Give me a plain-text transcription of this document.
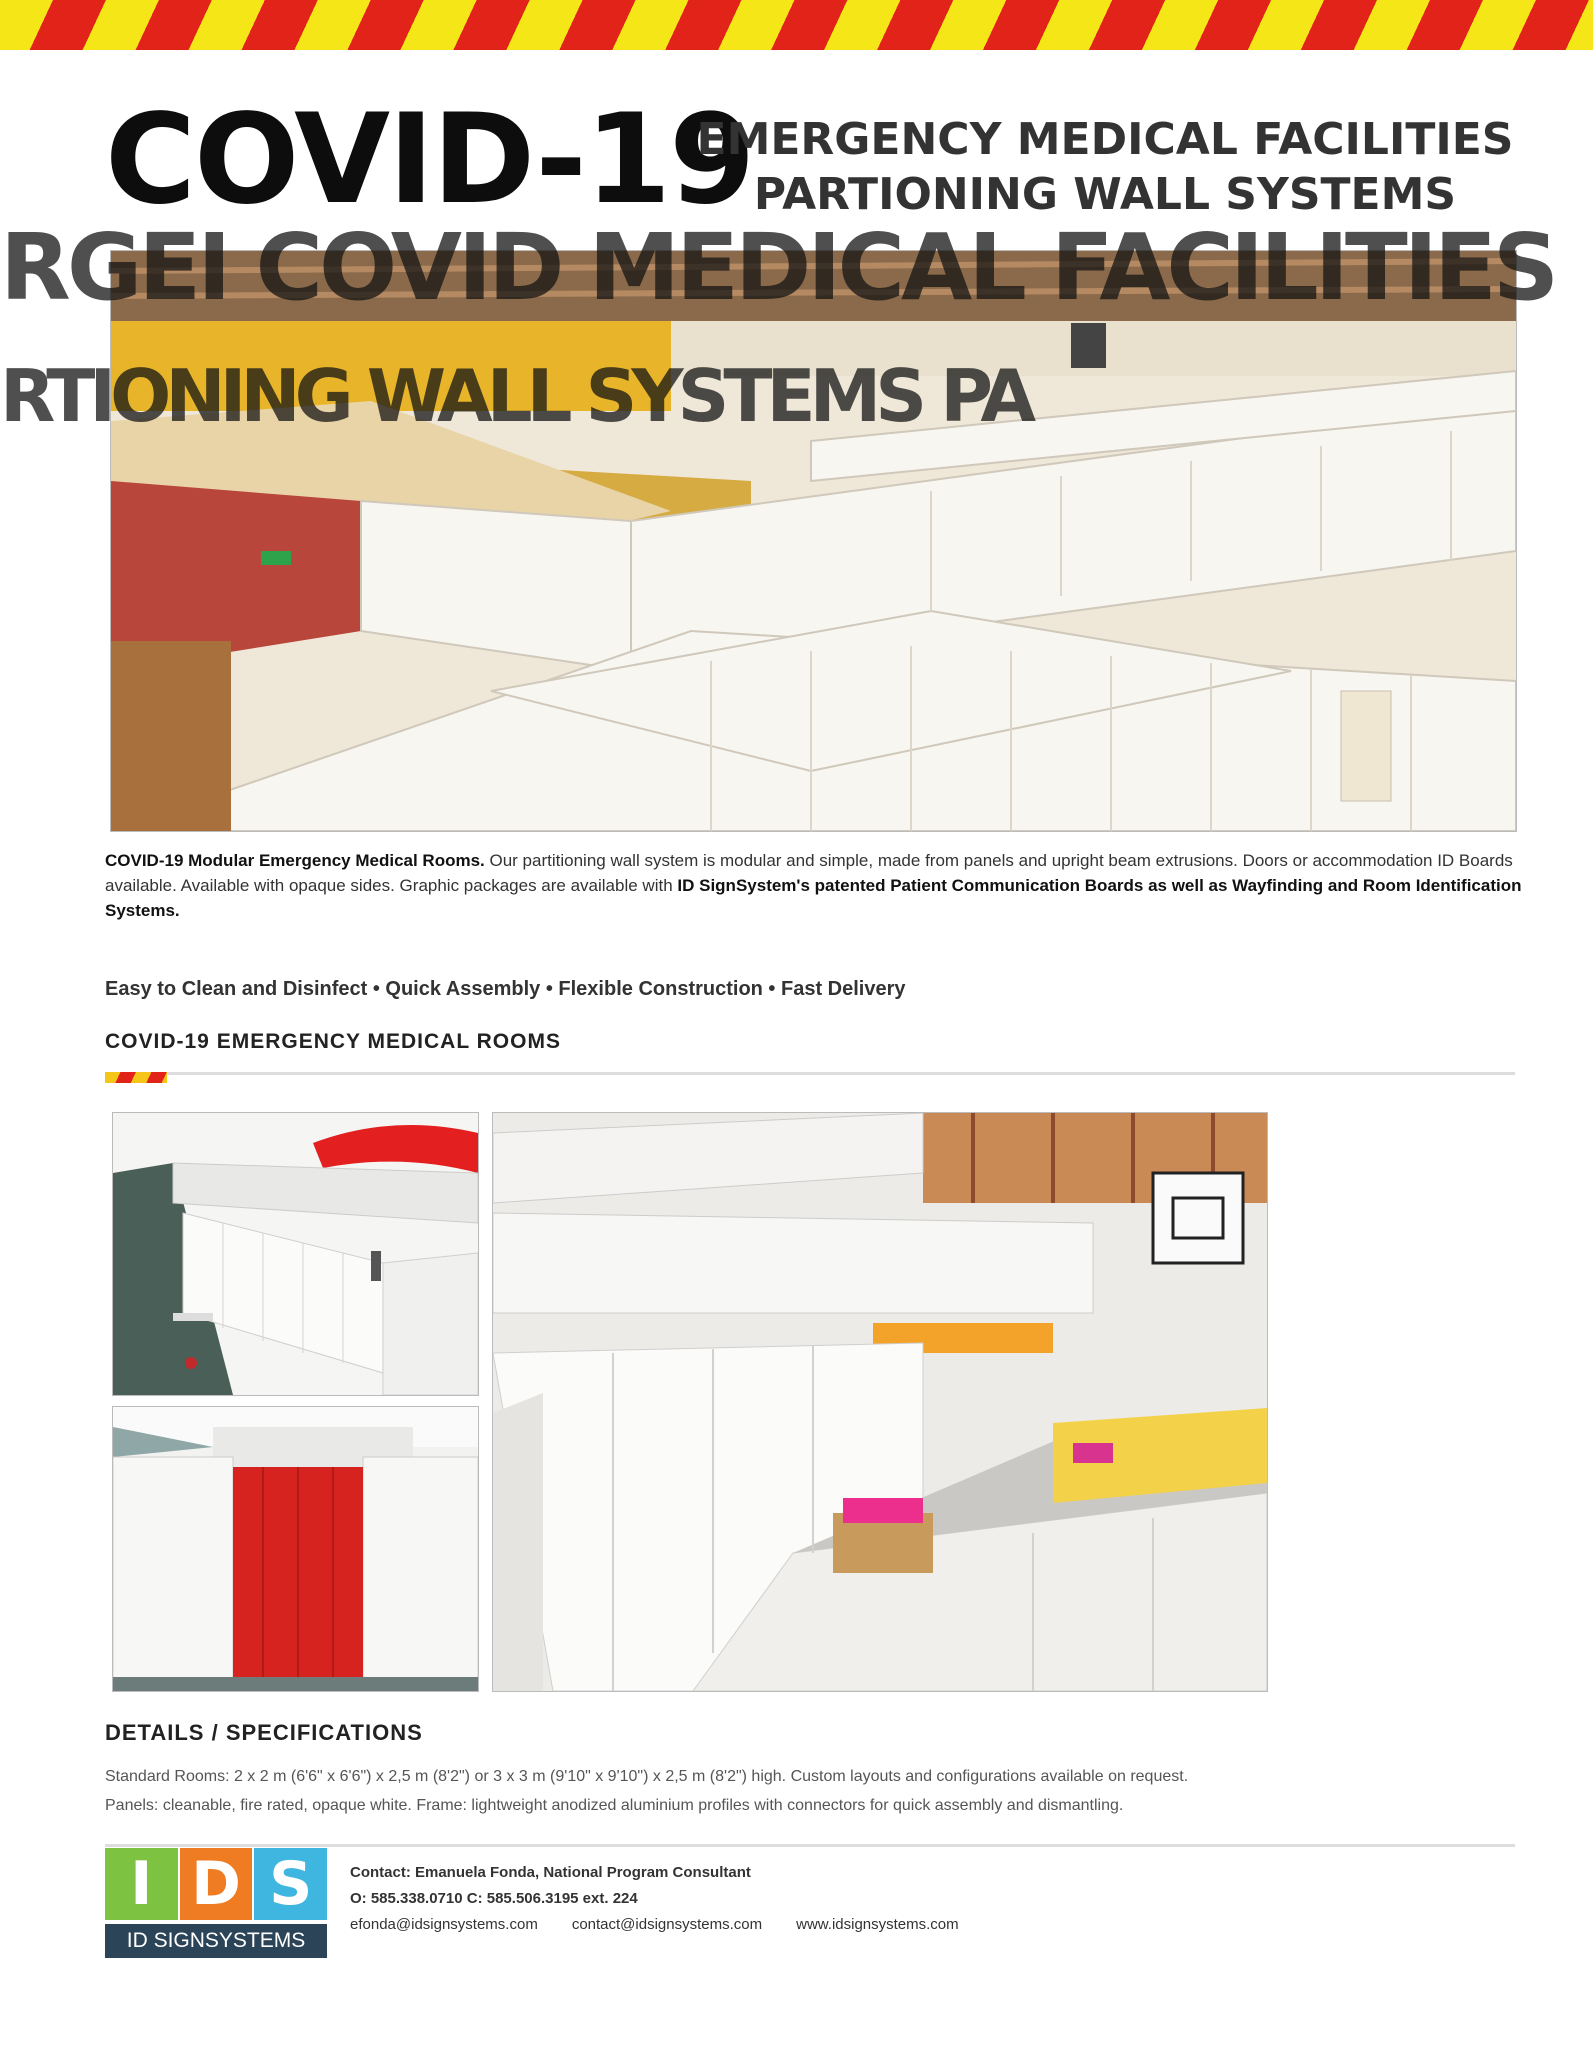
COVID-19
EMERGENCY MEDICAL FACILITIES
PARTIONING WALL SYSTEMS
RGEI COVID MEDICAL FACILITIES
RTIONING WALL SYSTEMS PA
COVID-19 Modular Emergency Medical Rooms. Our partitioning wall system is modular and simple, made from panels and upright beam extrusions. Doors or accommodation ID Boards available. Available with opaque sides. Graphic packages are available with ID SignSystem's patented Patient Communication Boards as well as Wayfinding and Room Identification Systems.
Easy to Clean and Disinfect • Quick Assembly • Flexible Construction • Fast Delivery
COVID-19 EMERGENCY MEDICAL ROOMS
DETAILS / SPECIFICATIONS
Standard Rooms: 2 x 2 m (6'6" x 6'6") x 2,5 m (8'2") or 3 x 3 m (9'10" x 9'10") x 2,5 m (8'2") high. Custom layouts and configurations available on request.
Panels: cleanable, fire rated, opaque white. Frame: lightweight anodized aluminium profiles with connectors for quick assembly and dismantling.
I D S
ID SIGNSYSTEMS
Contact: Emanuela Fonda, National Program Consultant
O: 585.338.0710 C: 585.506.3195 ext. 224
efonda@idsignsystems.com contact@idsignsystems.com www.idsignsystems.com
